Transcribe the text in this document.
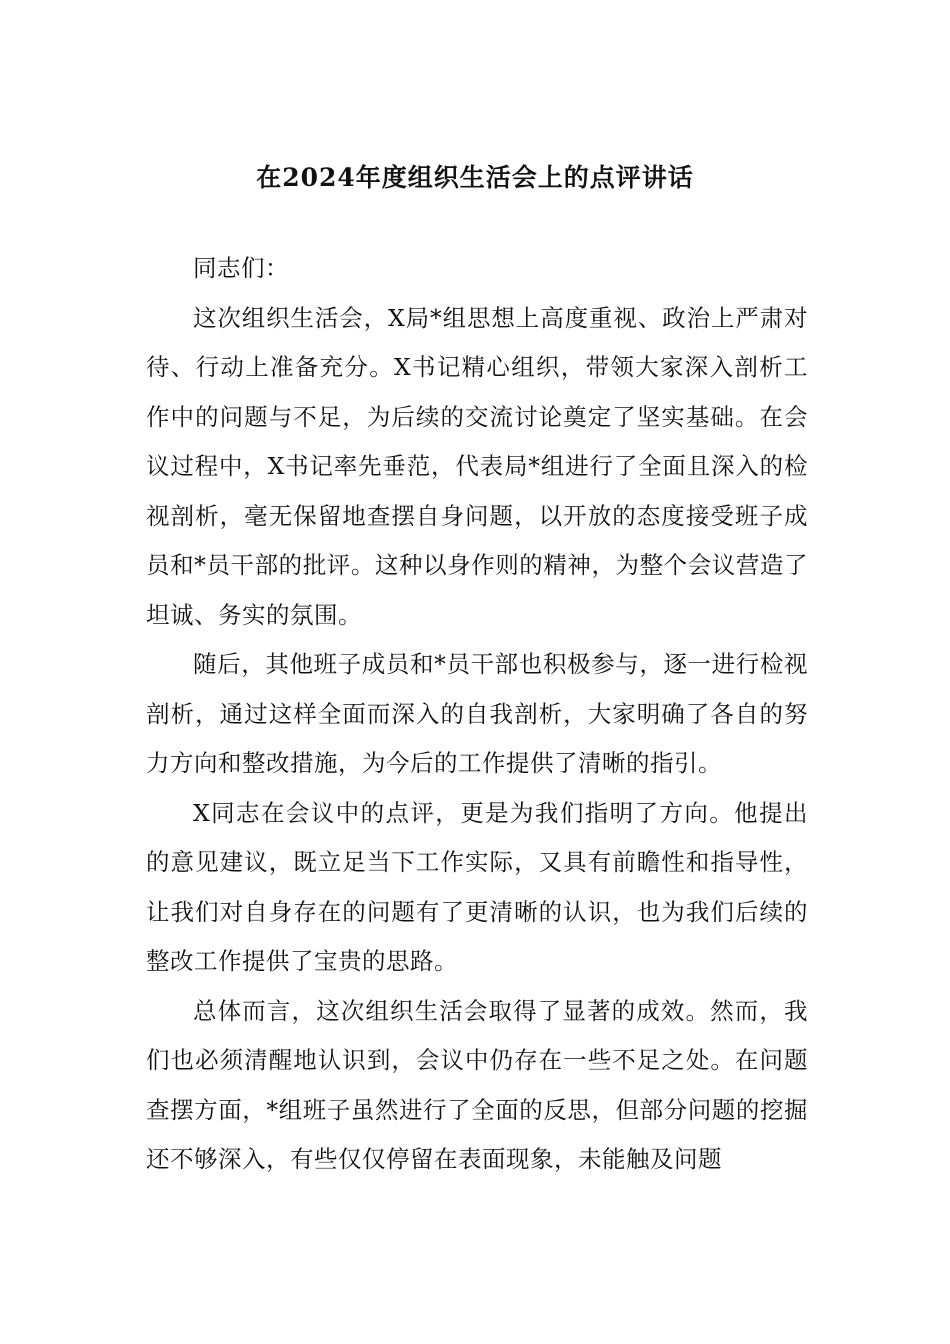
在2024年度组织生活会上的点评讲话

同志们：

这次组织生活会，X局*组思想上高度重视、政治上严肃对待、行动上准备充分。X书记精心组织，带领大家深入剖析工作中的问题与不足，为后续的交流讨论奠定了坚实基础。在会议过程中，X书记率先垂范，代表局*组进行了全面且深入的检视剖析，毫无保留地查摆自身问题，以开放的态度接受班子成员和*员干部的批评。这种以身作则的精神，为整个会议营造了坦诚、务实的氛围。

随后，其他班子成员和*员干部也积极参与，逐一进行检视剖析，通过这样全面而深入的自我剖析，大家明确了各自的努力方向和整改措施，为今后的工作提供了清晰的指引。

X同志在会议中的点评，更是为我们指明了方向。他提出的意见建议，既立足当下工作实际，又具有前瞻性和指导性，让我们对自身存在的问题有了更清晰的认识，也为我们后续的整改工作提供了宝贵的思路。

总体而言，这次组织生活会取得了显著的成效。然而，我们也必须清醒地认识到，会议中仍存在一些不足之处。在问题查摆方面，*组班子虽然进行了全面的反思，但部分问题的挖掘还不够深入，有些仅仅停留在表面现象，未能触及问题
